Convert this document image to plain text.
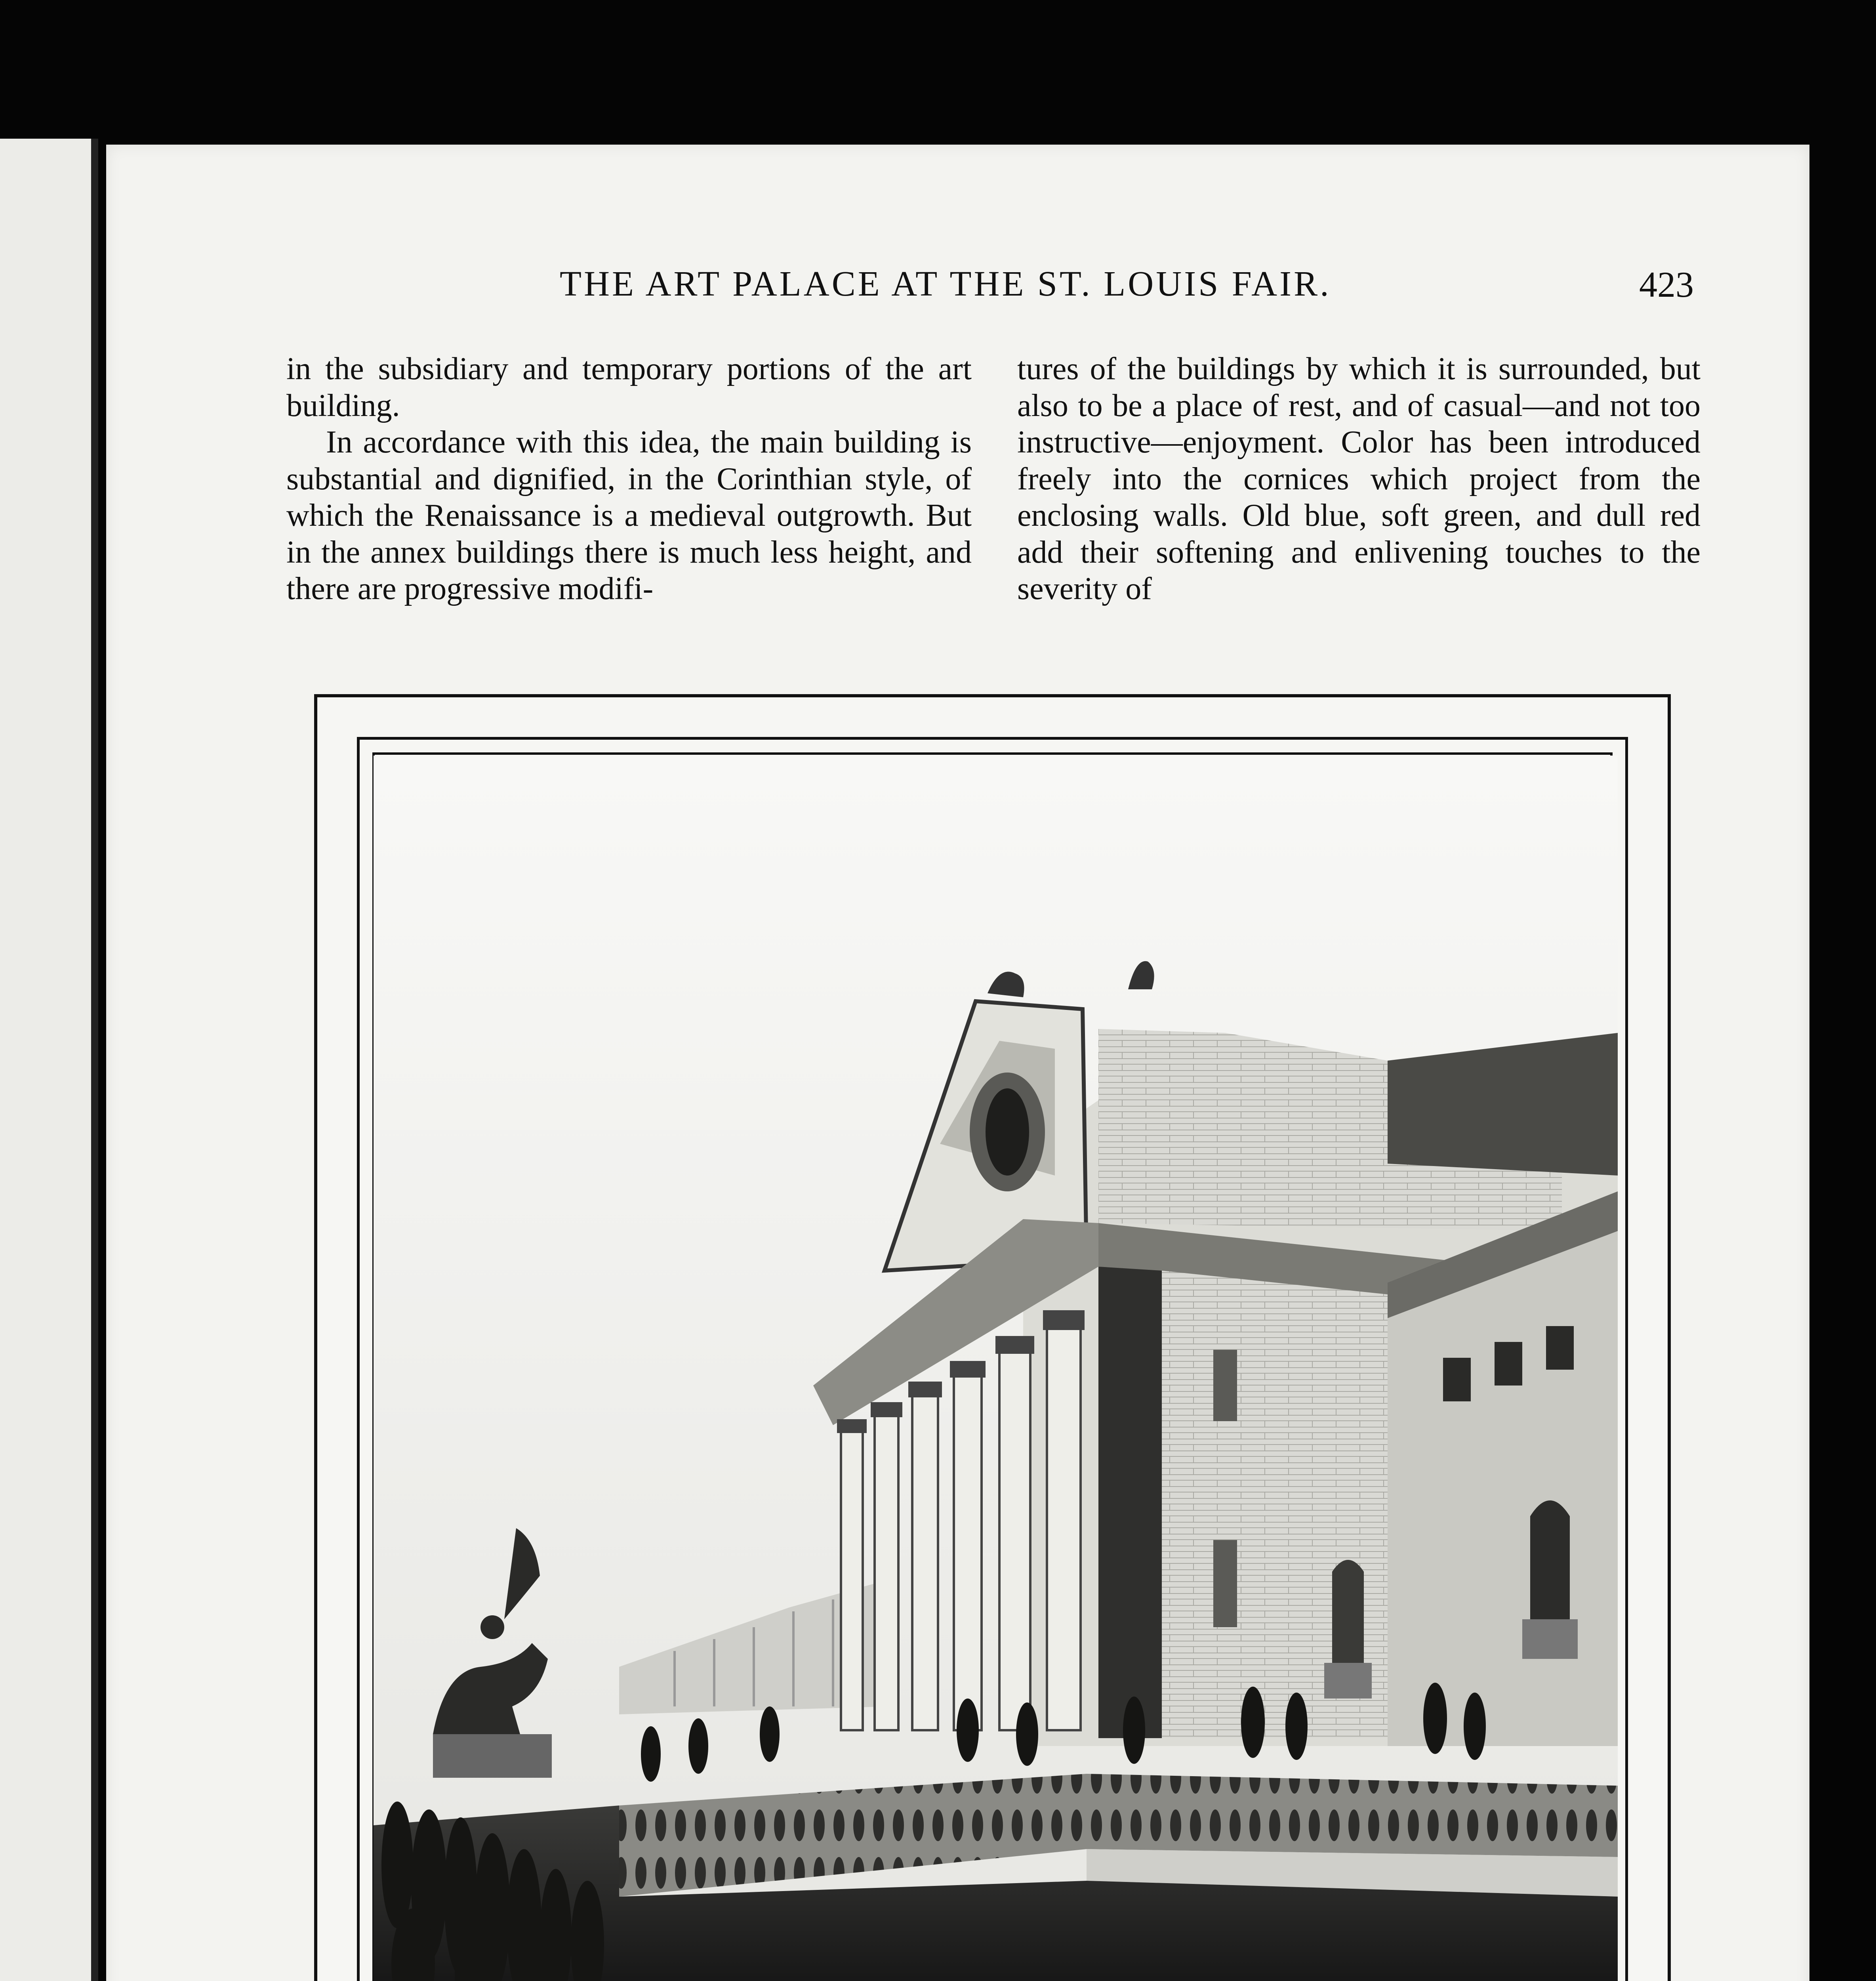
THE ART PALACE AT THE ST. LOUIS FAIR.	423

in the subsidiary and temporary portions of the art building.

In accordance with this idea, the main building is substantial and dignified, in the Corinthian style, of which the Renaissance is a medieval outgrowth. But in the annex buildings there is much less height, and there are progressive modifi-

tures of the buildings by which it is surrounded, but also to be a place of rest, and of casual—and not too instructive—enjoyment. Color has been introduced freely into the cornices which project from the enclosing walls. Old blue, soft green, and dull red add their softening and enlivening touches to the severity of
